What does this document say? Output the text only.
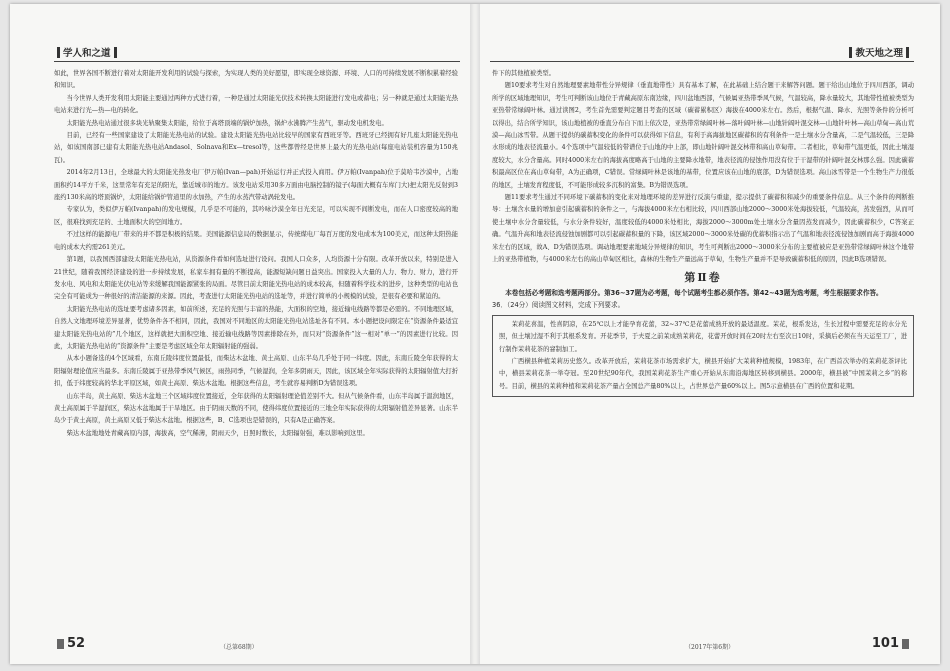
学人和之道

如此，世界各国不断进行着对太阳能开发利用的试验与探索，为实现人类的美好愿望，即实现全球资源、环境、人口的可持续发展不断积累着经验和知识。

当今世界人类开发利用太阳能主要通过两种方式进行着，一种是通过太阳能光伏技术转换太阳能进行发电或蓄电；另一种就是通过太阳能光热电站来进行光—热—电的转化。

太阳能光热电站通过很多块光轨聚集太阳能，给位于高塔顶端的锅炉加热，锅炉水沸腾产生蒸气，驱动发电机发电。

目前，已经有一些国家建设了太阳能光热电站的试验。建设太阳能光热电站比较早的国家有西班牙等。西班牙已经拥有好几座太阳能光热电站，如该国南部已建有太阳能光热电站Andasol、Solnava和Ex—tresol等，这些都曾经是世界上最大的光热电站(每座电站装机容量为150兆瓦)。

2014年2月13日，全球最大的太阳能光热发电厂伊万帕(Ivan—pah)开始运行并正式投入商用。伊万帕(Ivanpah)位于莫哈韦沙漠中，占地面积约14平方千米，这里常年有充足的阳光，靠近城市的地方。该发电站采用30多万面由电脑控制的镜子(每面大概有车库门大)把太阳光反射到3座约130米高的塔顶锅炉，太阳能给锅炉管道里的水加热，产生的水蒸汽带动涡轮发电。

专家认为，类似伊万帕(Ivanpah)的发电规模，几乎是不可能的，其吟咏沙漠全年日光充足，可以实现不间断发电，而在人口密度较高的地区，很难找到充足的、土地面积大的空间地方。

不过这样的能源电厂带来的并不都是积极的结果。美国能源信息局的数据显示，传统煤电厂每百万度的发电成本为100美元，而这种太阳热能电的成本大约需261美元。

第1题，以我国西部建设太阳能光热电站，从资源条件看如何选址进行设问。我国人口众多，人均资源十分有限。改革开放以来，特别是进入21世纪，随着我国经济建设的进一步持续发展，私家车拥有量的不断提高，能源短缺问题日益突出。国家投入大量的人力、物力、财力，进行开发水电、风电和太阳能光伏电站等来缓解我国能源紧张的局面。尽管目前太阳能光热电站的成本较高，但随着科学技术的进步，这种类型的电站也完全有可能成为一种很好的清洁能源的来源。因此，考查进行太阳能光热电站的选址等，并进行简单的小规模的试验，是很有必要和紧迫的。

太阳能光热电站的选址要考虑诸多因素，如前所述，充足的光照与丰富的热能，大面积的空地，接近输电线路等都是必需的。不同地理区域，自然人文地理环境差异显著，优势条件各不相同，因此，我国对不同地区的太阳能光热电站选址各有不同。本小题把设问限定在“资源条件最适宜建太阳能光热电站的”几个地区，这样就把大面积空地、接近输电线路等因素排除在外，而只对“资源条件”这一相对“单一”的因素进行比较。因此，太阳能光热电站的“资源条件”主要是考虑区域全年太阳辐射能的强弱。

从本小题备选的4个区域看，东南丘陵纬度位置最低，而柴达木盆地、黄土高原、山东半岛几乎处于同一纬度。因此，东南丘陵全年获得的太阳辐射理论值应当最多。东南丘陵属于亚热带季风气候区，雨热同季，气候湿润，全年多阴雨天，因此，该区域全年实际获得的太阳辐射值大打折扣，低于纬度较高的华北平原区域，如黄土高原、柴达木盆地。根据这些信息，考生就容易判断D为错误选项。

山东半岛，黄土高原、柴达木盆地三个区域纬度位置接近，全年获得的太阳辐射理论值差别不大。但从气候条件看，山东半岛属于温润地区，黄土高原属于半湿润区，柴达木盆地属于干旱地区。由于阴雨天数的不同，使得纬度位置接近的三地全年实际获得的太阳辐射值差异显著。山东半岛少于黄土高原，黄土高原又低于柴达木盆地。根据这些，B、C选项也是错误的，只有A是正确答案。

柴达木盆地地处青藏高原内部，海拔高，空气稀薄，阴雨天少，日照时数长，太阳辐射强，难以影响到这里。

52	（总第68期）
教天地之理

件下的其他植被类型。

题10要求考生对自然地理要素地带性分异规律（垂直地带性）具有基本了解，在此基础上结合题干来解答问题。题干给出山地位于四川西部，调动所学的区域地理知识，考生可判断该山地位于青藏高原东南边缘，四川盆地西部，气候属亚热带季风气候，气温较高，降水量较大，其地带性植被类型为亚热带常绿阔叶林。通过读图2，考生首先需要判定题目考查的区域（碳蓄累积区）海拔在4000米左右。然后，根据气温、降水、光照等条件的分析可以得出，结合所学知识，该山地植被的垂直分布自下而上依次是，亚热带常绿阔叶林—落叶阔叶林—山地针阔叶混交林—山地针叶林—高山草甸—高山荒漠—高山冰雪带。从题干提供的碳蓄积变化的条件可以获得如下信息，有利于高海拔地区碳蓄积的有利条件一是土壤水分含量高，二是气温较低，三是降水形成的地表径流量小。4个选项中气温较低的带谱位于山地的中上部，即山地针阔叶混交林带和高山草甸带。二者相比，草甸带气温更低，因此土壤湿度较大，水分含量高。同时4000米左右的海拔高度略高于山地的主要降水地带，地表径流的侵蚀作用没有位于干湿带的针阔叶混交林那么强。因此碳蓄积最高区位在高山草甸带，A为正确项，C错误。常绿阔叶林是该地的基带，位置应该在山地的底部，D为错误选项。高山冰雪带是一个生物生产力很低的地区，土壤发育程度低，不可能形成较多沉积的富集。B为错误选项。

题11要求考生通过不同环境下碳蓄积的变化来对地理环境的差异进行反演与重建，提示提供了碳蓄积和减少的重要条件信息。从三个条件的判断推导：土壤含水量的增加意引起碳蓄积的条件之一，与海拔4000米左右相比较，四川西部山地2000～3000米处海拔较低，气温较高，蒸发强烈，从而可使土壤中水分含量较低，与水分条件较好，温度较低的4000米处相比，海拔2000～3000m处土壤水分含量因蒸发而减少，因此碳蓄积少，C答案正确。气温升高和地表径流侵蚀加剧都可以引起碳蓄积量的下降，该区域2000～3000米处碳的优蓄积指示出了气温和地表径流侵蚀加剧而高于海拔4000米左右的区域，故A、D为错误选项。调动地理要素地域分异规律的知识，考生可判断出2000～3000米分布的主要植被应是亚热带常绿阔叶林这个地带上的亚热带植物，与4000米左右的高山草甸区相比，森林的生物生产量远高于草甸，生物生产量并不是导致碳蓄积低的原因，因此B选项错误。

第Ⅱ卷

本卷包括必考题和选考题两部分。第36~37题为必考题，每个试题考生都必须作答。第42~43题为选考题，考生根据要求作答。

36．（24分）阅读图文材料，完成下列要求。

茉莉花喜温，性喜阴凉，在25℃以上才能孕育花蕾，32~37℃是花蕾成熟开放的最适温度。茉花，根系发达，生长过程中需要充足的水分光照，但土壤过湿不利于其根系发育。开花季节，于夫夏之前茉成熟茉莉花，花蕾开放时间在20时左右至次日10时，采摘后必须在当天运至工厂，进行制作茉莉花茶的窨制加工。

广西横县种植茉莉历史悠久。改革开放后，茉莉花茶市场需求扩大，横县开始扩大茉莉种植规模，1983年，在广西首次举办的茉莉花茶评比中，横县茉莉花茶一举夺冠。至20世纪90年代，我国茉莉花茶生产重心开始从东南沿海地区转移到横县。2000年，横县被“中国茉莉之乡”的称号。目前，横县的茉莉种植和茉莉花茶产量占全国总产量80%以上，占世界总产量60%以上。图5示意横县在广西的位置和花期。

（2017年第6期）	101
